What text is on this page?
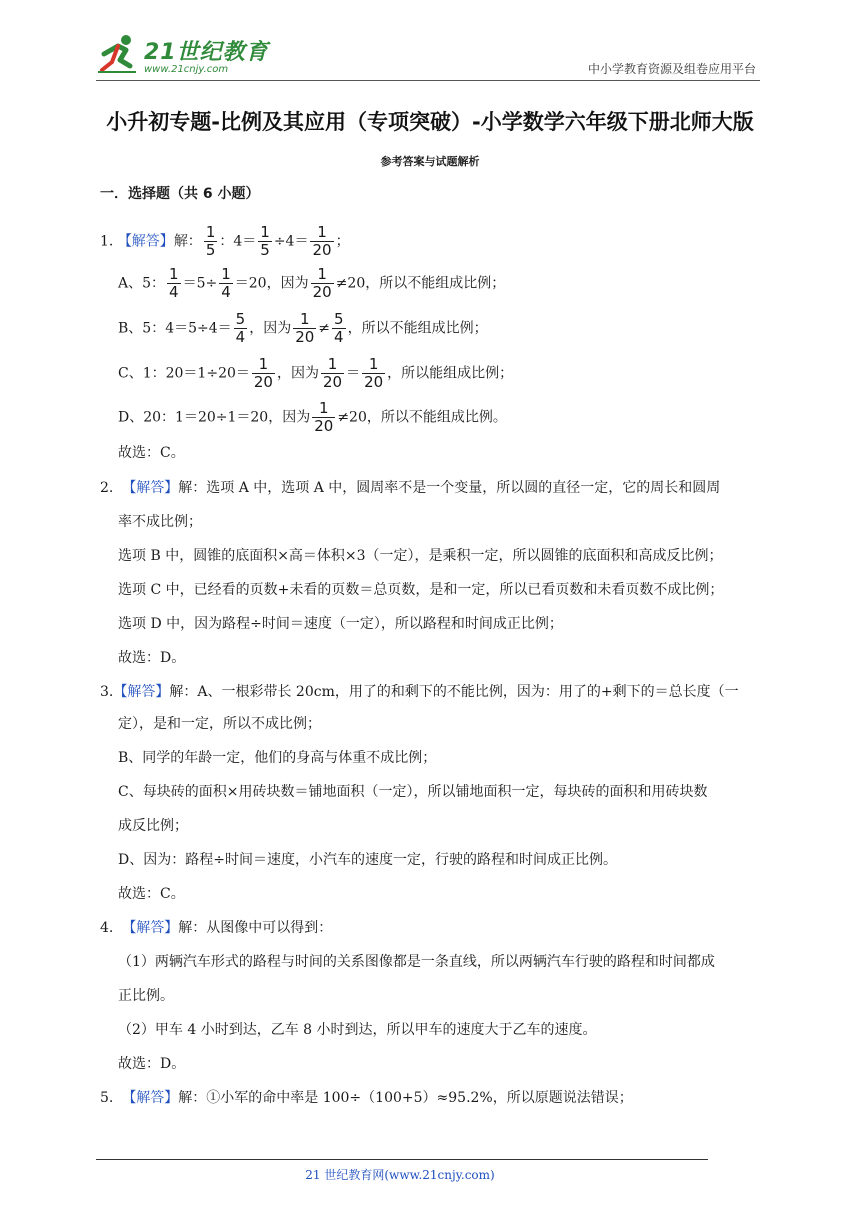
21世纪教育
www.21cnjy.com	中小学教育资源及组卷应用平台
小升初专题-比例及其应用（专项突破）-小学数学六年级下册北师大版
参考答案与试题解析
一．选择题（共 6 小题）
1. 【解答】解： $\frac{1}{5}$ ：$4= \frac{1}{5} \div 4= \frac{1}{20}$ ；
A、5： $\frac{1}{4} =5\div \frac{1}{4} =20$，因为 $\frac{1}{20} \ne 20$，所以不能组成比例；
B、5：$4=5\div 4= \frac{5}{4}$ ，因为 $\frac{1}{20} \ne \frac{5}{4}$ ，所以不能组成比例；
C、1：$20=1\div 20= \frac{1}{20}$ ，因为 $\frac{1}{20} = \frac{1}{20}$ ，所以能组成比例；
D、20：1＝20÷1＝20，因为 $\frac{1}{20} \ne 20$，所以不能组成比例。
故选：C。
2. 【解答】解：选项 A 中，选项 A 中，圆周率不是一个变量，所以圆的直径一定，它的周长和圆周
率不成比例；
选项 B 中，圆锥的底面积×高＝体积×3（一定），是乘积一定，所以圆锥的底面积和高成反比例；
选项 C 中，已经看的页数+未看的页数＝总页数，是和一定，所以已看页数和未看页数不成比例；
选项 D 中，因为路程÷时间＝速度（一定），所以路程和时间成正比例；
故选：D。
3.【解答】解：A、一根彩带长 20cm，用了的和剩下的不能比例，因为：用了的+剩下的＝总长度（一
定），是和一定，所以不成比例；
B、同学的年龄一定，他们的身高与体重不成比例；
C、每块砖的面积×用砖块数＝铺地面积（一定），所以铺地面积一定，每块砖的面积和用砖块数
成反比例；
D、因为：路程÷时间＝速度，小汽车的速度一定，行驶的路程和时间成正比例。
故选：C。
4. 【解答】解：从图像中可以得到：
（1）两辆汽车形式的路程与时间的关系图像都是一条直线，所以两辆汽车行驶的路程和时间都成
正比例。
（2）甲车 4 小时到达，乙车 8 小时到达，所以甲车的速度大于乙车的速度。
故选：D。
5. 【解答】解：①小军的命中率是 100÷（100+5）≈95.2%，所以原题说法错误；
21 世纪教育网(www.21cnjy.com)
